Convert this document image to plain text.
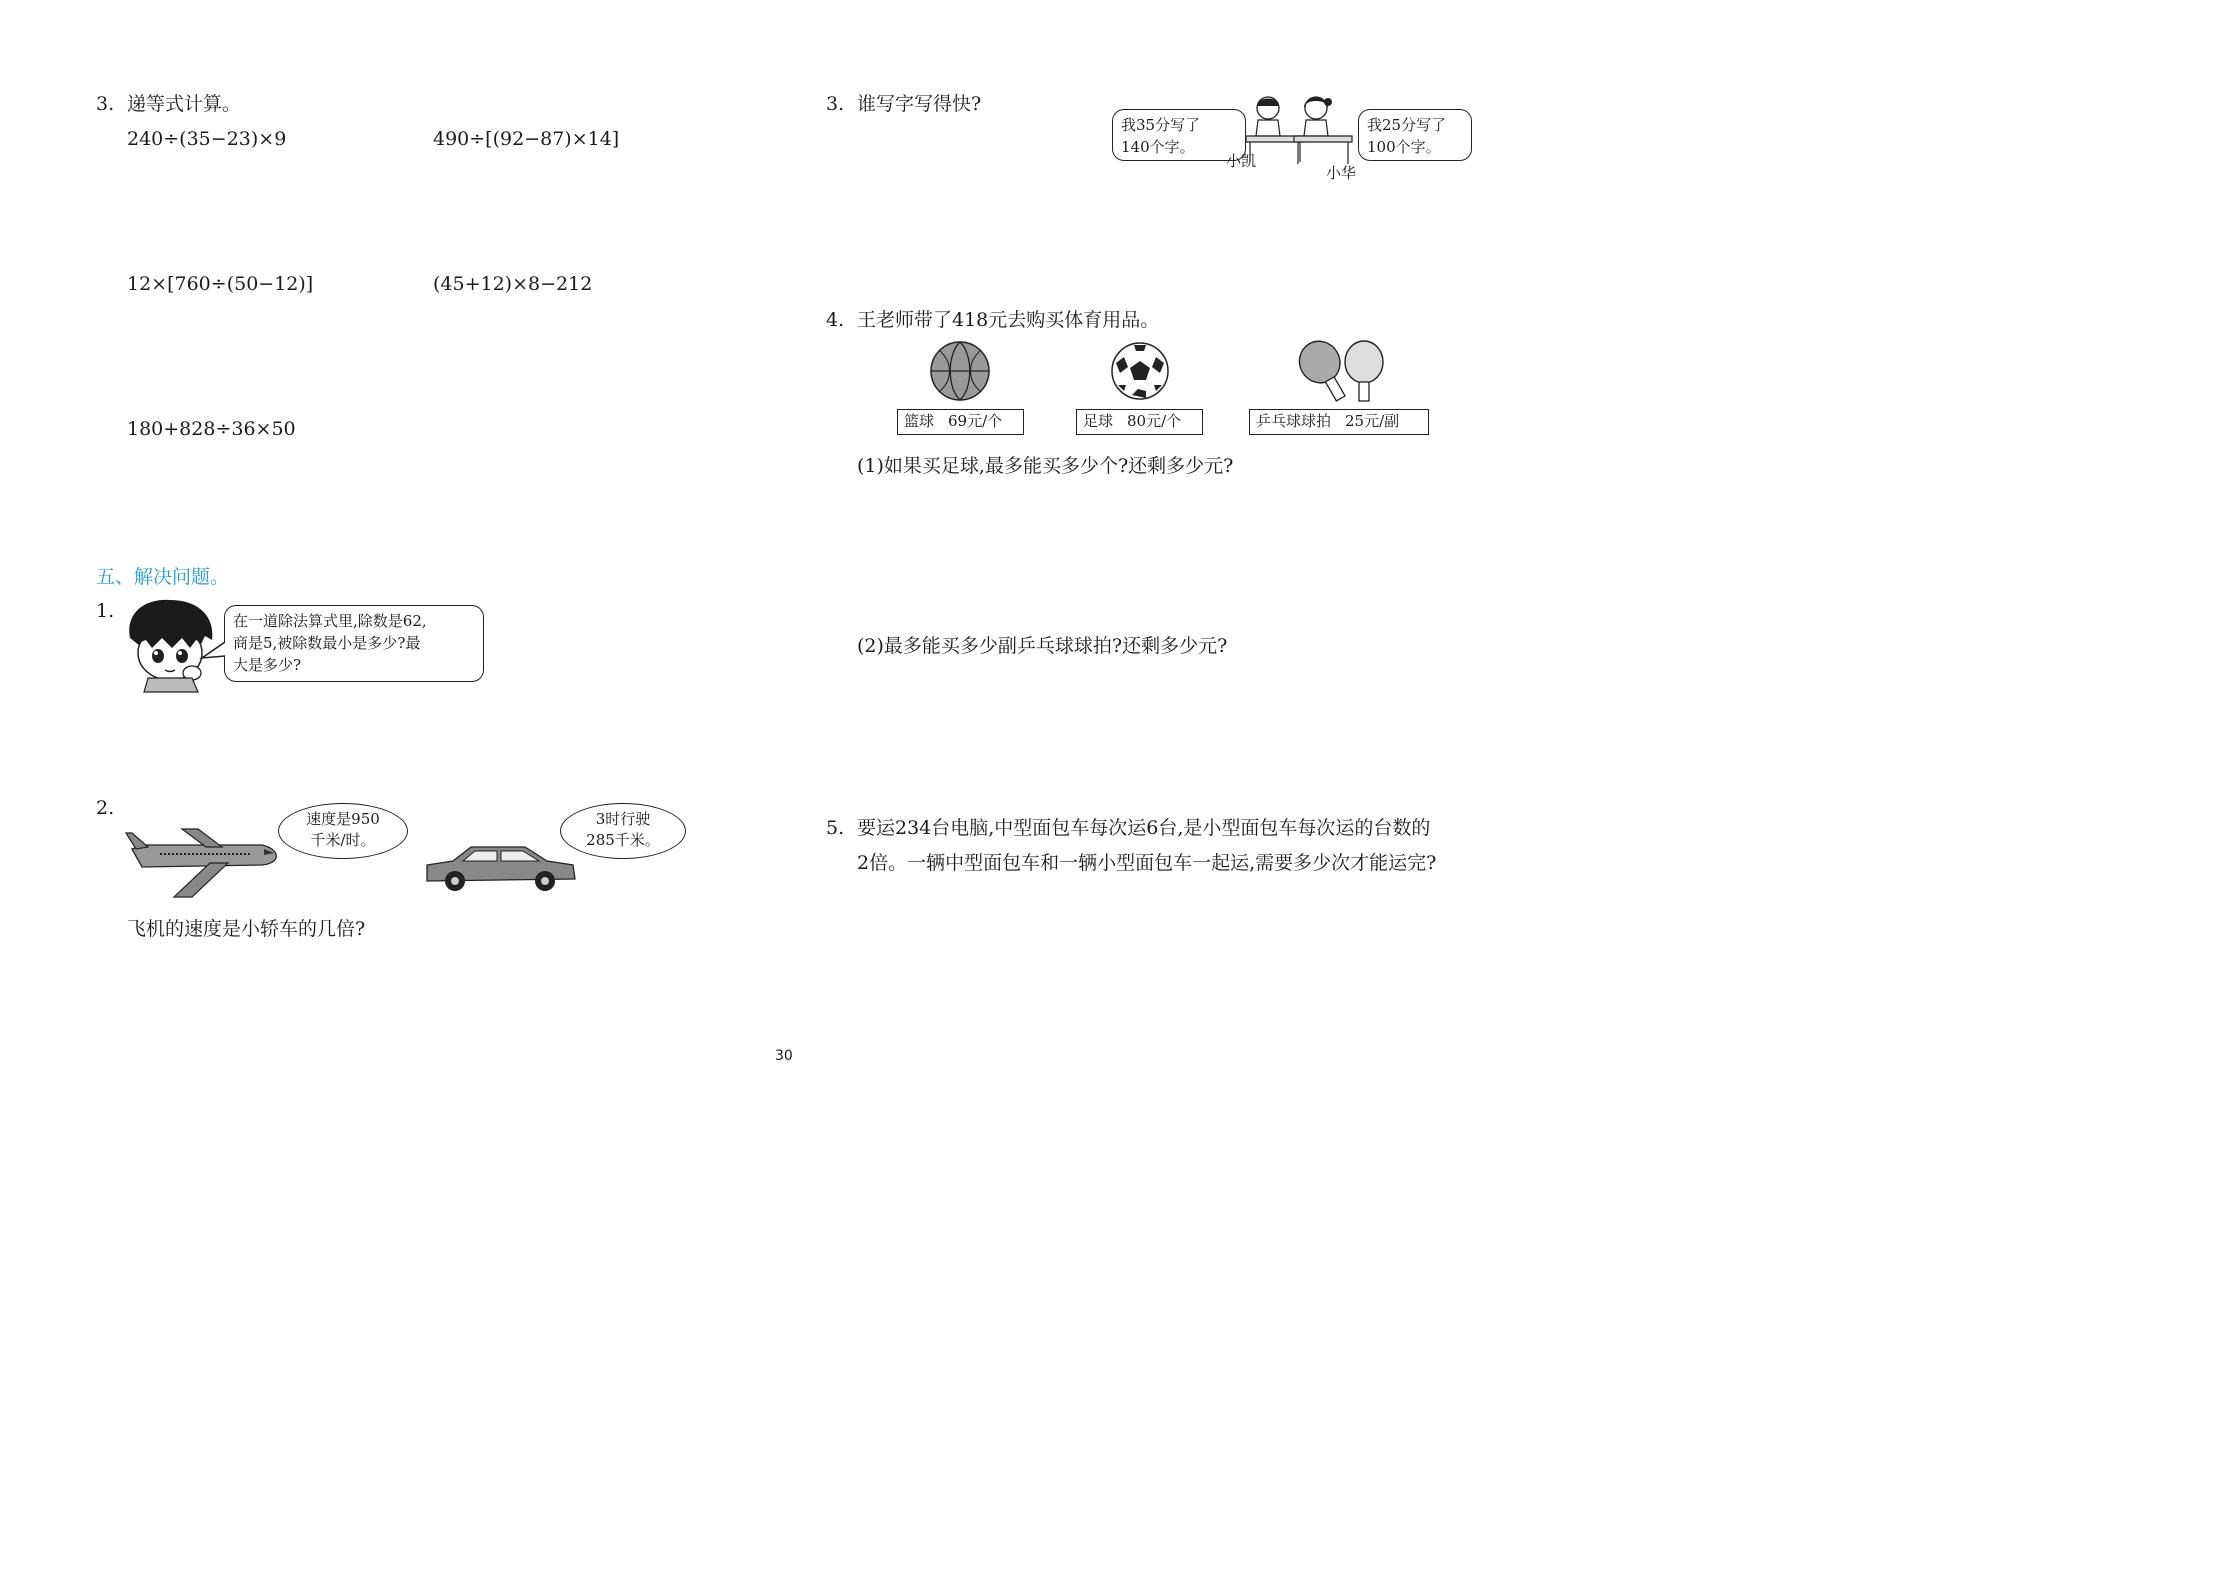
3. 递等式计算。
240÷(35−23)×9	490÷[(92−87)×14]
12×[760÷(50−12)]	(45+12)×8−212
180+828÷36×50
五、解决问题。
1.	在一道除法算式里,除数是62,
商是5,被除数最小是多少?最
大是多少?
2.	速度是950
千米/时。
3时行驶
285千米。
飞机的速度是小轿车的几倍?
3. 谁写字写得快?
我35分写了
140个字。
小凯
小华
我25分写了
100个字。
4. 王老师带了418元去购买体育用品。
篮球 69元/个	足球 80元/个	乒乓球球拍 25元/副
(1)如果买足球,最多能买多少个?还剩多少元?
(2)最多能买多少副乒乓球球拍?还剩多少元?
5. 要运234台电脑,中型面包车每次运6台,是小型面包车每次运的台数的
2倍。一辆中型面包车和一辆小型面包车一起运,需要多少次才能运完?
30
